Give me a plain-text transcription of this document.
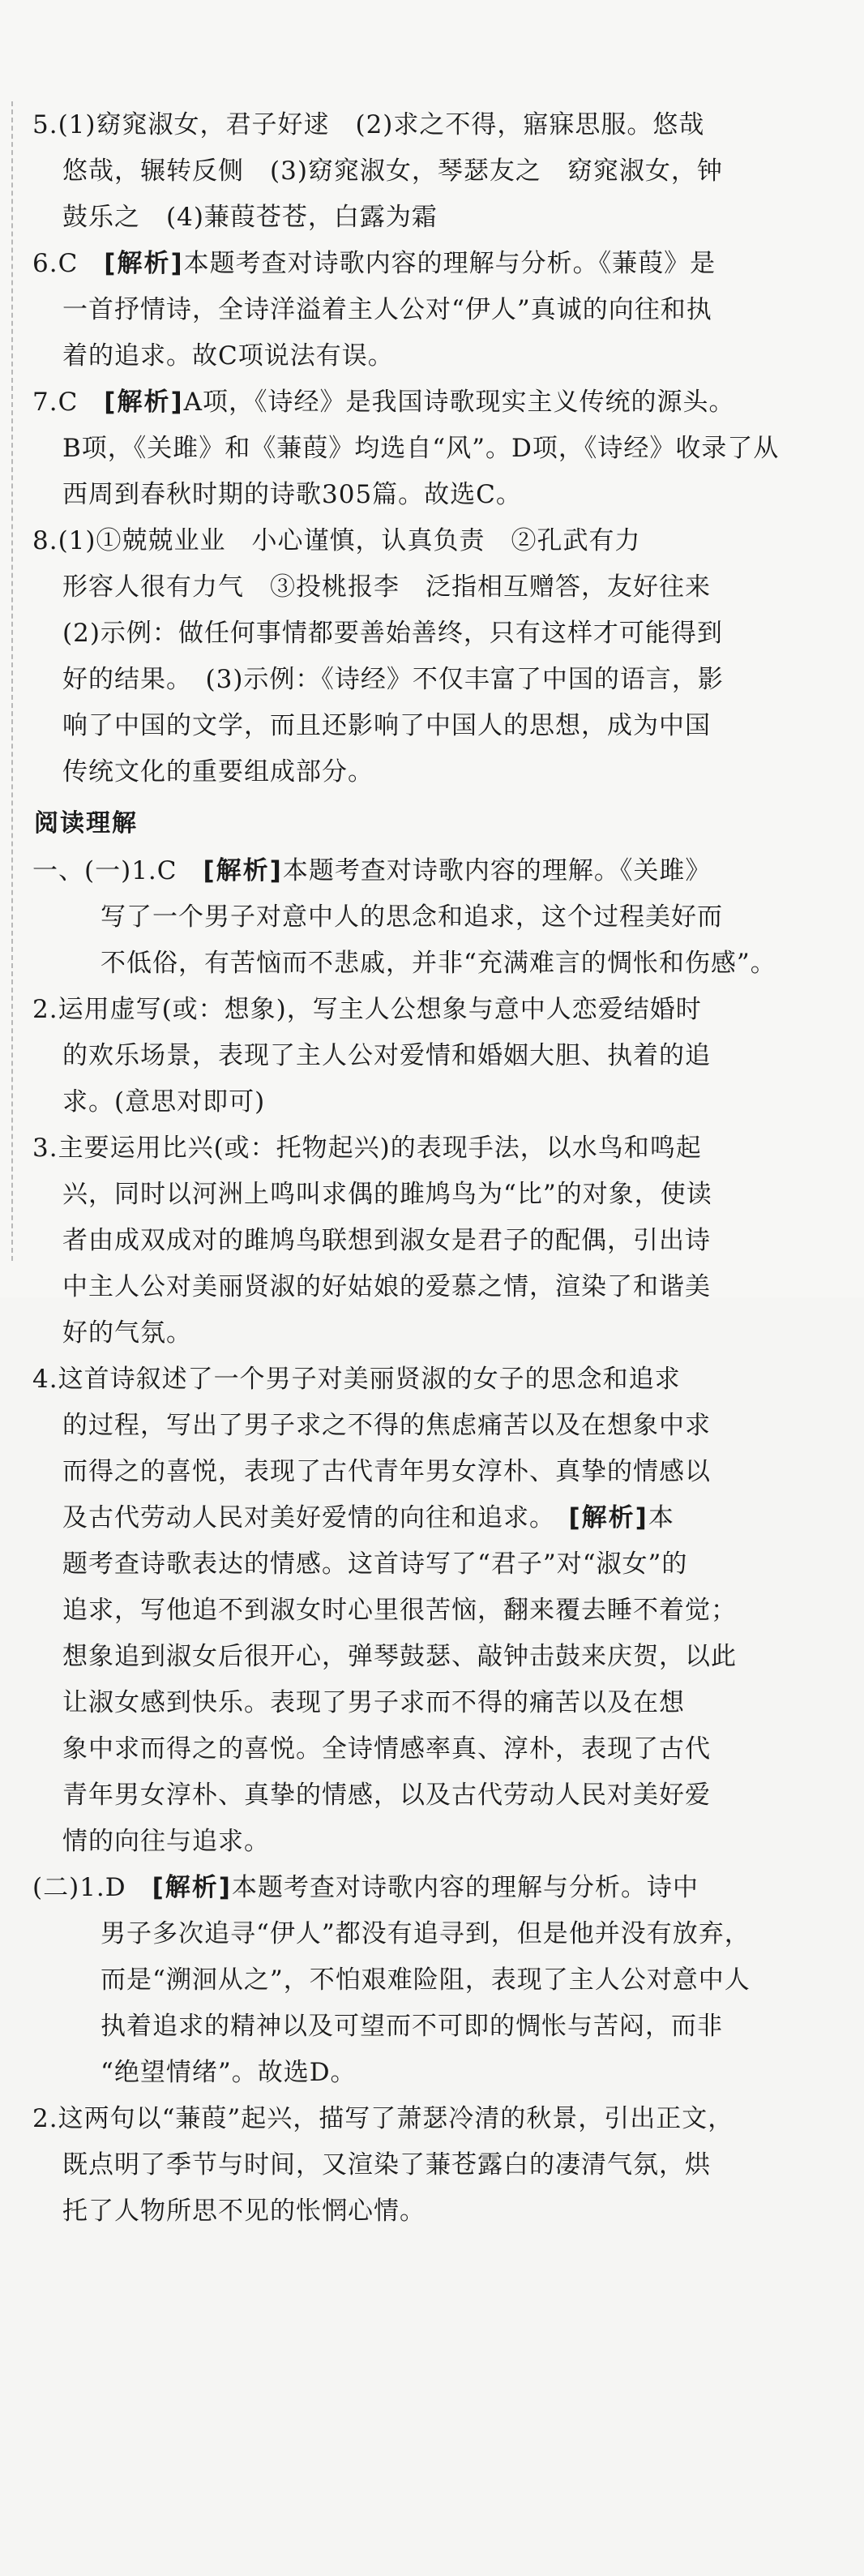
5.(1)窈窕淑女，君子好逑　(2)求之不得，寤寐思服。悠哉
悠哉，辗转反侧　(3)窈窕淑女，琴瑟友之　窈窕淑女，钟
鼓乐之　(4)蒹葭苍苍，白露为霜
6.C　[解析]本题考查对诗歌内容的理解与分析。《蒹葭》是
一首抒情诗，全诗洋溢着主人公对“伊人”真诚的向往和执
着的追求。故C项说法有误。
7.C　[解析]A项，《诗经》是我国诗歌现实主义传统的源头。
B项，《关雎》和《蒹葭》均选自“风”。D项，《诗经》收录了从
西周到春秋时期的诗歌305篇。故选C。
8.(1)①兢兢业业　小心谨慎，认真负责　②孔武有力
形容人很有力气　③投桃报李　泛指相互赠答，友好往来
(2)示例：做任何事情都要善始善终，只有这样才可能得到
好的结果。　(3)示例：《诗经》不仅丰富了中国的语言，影
响了中国的文学，而且还影响了中国人的思想，成为中国
传统文化的重要组成部分。
阅读理解
一、(一)1.C　[解析]本题考查对诗歌内容的理解。《关雎》
写了一个男子对意中人的思念和追求，这个过程美好而
不低俗，有苦恼而不悲戚，并非“充满难言的惆怅和伤感”。
2.运用虚写(或：想象)，写主人公想象与意中人恋爱结婚时
的欢乐场景，表现了主人公对爱情和婚姻大胆、执着的追
求。(意思对即可)
3.主要运用比兴(或：托物起兴)的表现手法，以水鸟和鸣起
兴，同时以河洲上鸣叫求偶的雎鸠鸟为“比”的对象，使读
者由成双成对的雎鸠鸟联想到淑女是君子的配偶，引出诗
中主人公对美丽贤淑的好姑娘的爱慕之情，渲染了和谐美
好的气氛。
4.这首诗叙述了一个男子对美丽贤淑的女子的思念和追求
的过程，写出了男子求之不得的焦虑痛苦以及在想象中求
而得之的喜悦，表现了古代青年男女淳朴、真挚的情感以
及古代劳动人民对美好爱情的向往和追求。　[解析]本
题考查诗歌表达的情感。这首诗写了“君子”对“淑女”的
追求，写他追不到淑女时心里很苦恼，翻来覆去睡不着觉；
想象追到淑女后很开心，弹琴鼓瑟、敲钟击鼓来庆贺，以此
让淑女感到快乐。表现了男子求而不得的痛苦以及在想
象中求而得之的喜悦。全诗情感率真、淳朴，表现了古代
青年男女淳朴、真挚的情感，以及古代劳动人民对美好爱
情的向往与追求。
(二)1.D　[解析]本题考查对诗歌内容的理解与分析。诗中
男子多次追寻“伊人”都没有追寻到，但是他并没有放弃，
而是“溯洄从之”，不怕艰难险阻，表现了主人公对意中人
执着追求的精神以及可望而不可即的惆怅与苦闷，而非
“绝望情绪”。故选D。
2.这两句以“蒹葭”起兴，描写了萧瑟冷清的秋景，引出正文，
既点明了季节与时间，又渲染了蒹苍露白的凄清气氛，烘
托了人物所思不见的怅惘心情。
